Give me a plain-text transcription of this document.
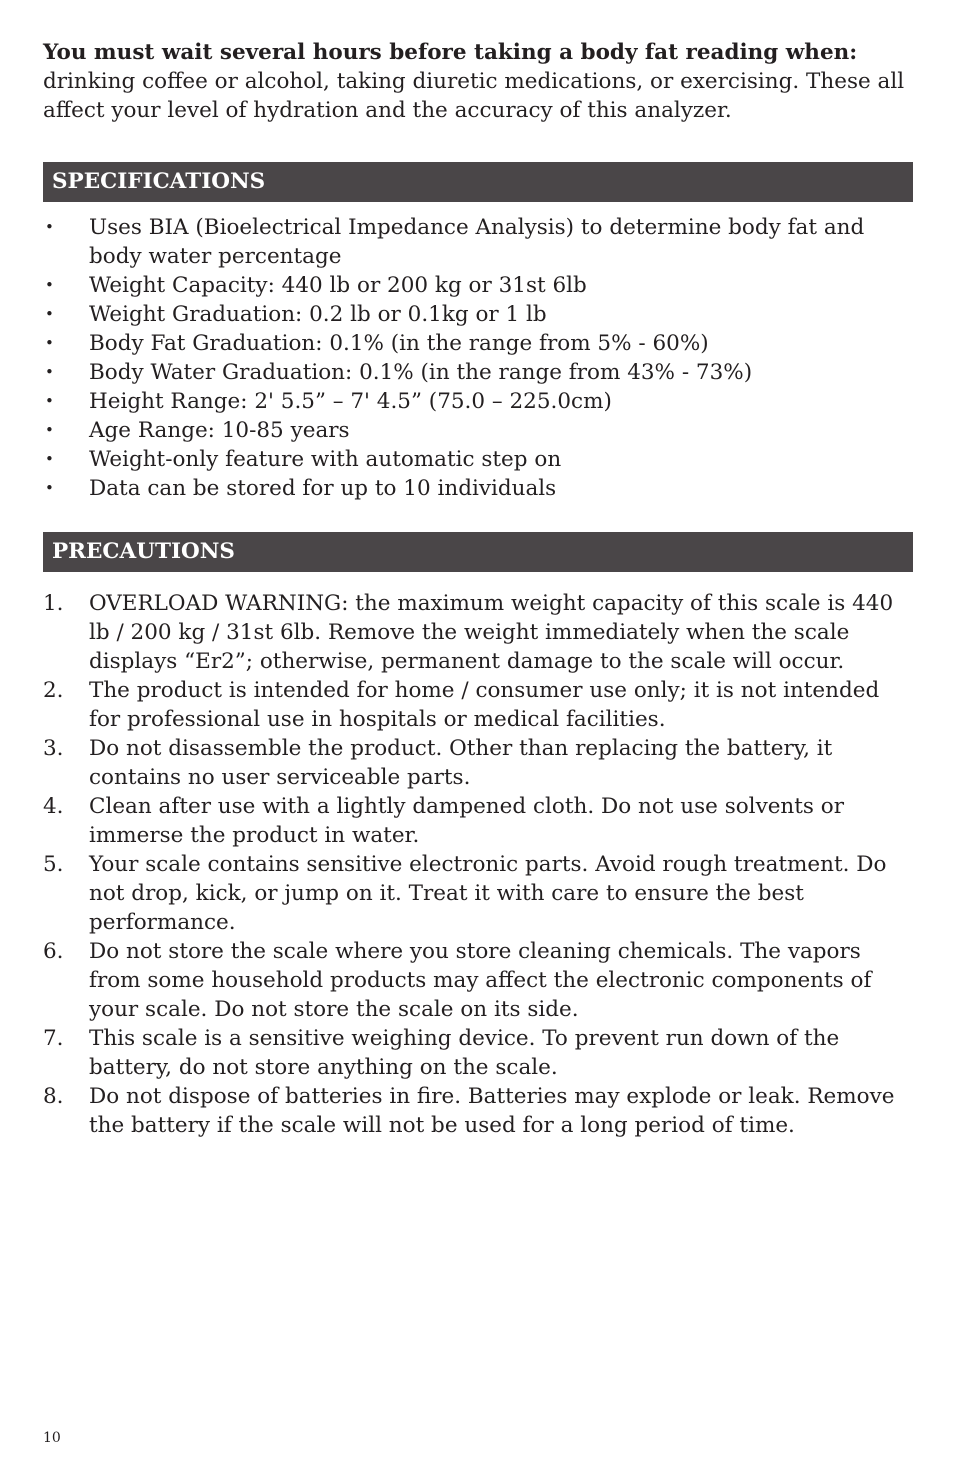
You must wait several hours before taking a body fat reading when: drinking coffee or alcohol, taking diuretic medications, or exercising. These all affect your level of hydration and the accuracy of this analyzer.

SPECIFICATIONS
• Uses BIA (Bioelectrical Impedance Analysis) to determine body fat and body water percentage
• Weight Capacity: 440 lb or 200 kg or 31st 6lb
• Weight Graduation: 0.2 lb or 0.1kg or 1 lb
• Body Fat Graduation: 0.1% (in the range from 5% - 60%)
• Body Water Graduation: 0.1% (in the range from 43% - 73%)
• Height Range: 2' 5.5” – 7' 4.5” (75.0 – 225.0cm)
• Age Range: 10-85 years
• Weight-only feature with automatic step on
• Data can be stored for up to 10 individuals
PRECAUTIONS
1. OVERLOAD WARNING: the maximum weight capacity of this scale is 440 lb / 200 kg / 31st 6lb. Remove the weight immediately when the scale displays “Er2”; otherwise, permanent damage to the scale will occur.
2. The product is intended for home / consumer use only; it is not intended for professional use in hospitals or medical facilities.
3. Do not disassemble the product. Other than replacing the battery, it contains no user serviceable parts.
4. Clean after use with a lightly dampened cloth. Do not use solvents or immerse the product in water.
5. Your scale contains sensitive electronic parts. Avoid rough treatment. Do not drop, kick, or jump on it. Treat it with care to ensure the best performance.
6. Do not store the scale where you store cleaning chemicals. The vapors from some household products may affect the electronic components of your scale. Do not store the scale on its side.
7. This scale is a sensitive weighing device. To prevent run down of the battery, do not store anything on the scale.
8. Do not dispose of batteries in fire. Batteries may explode or leak. Remove the battery if the scale will not be used for a long period of time.
10
